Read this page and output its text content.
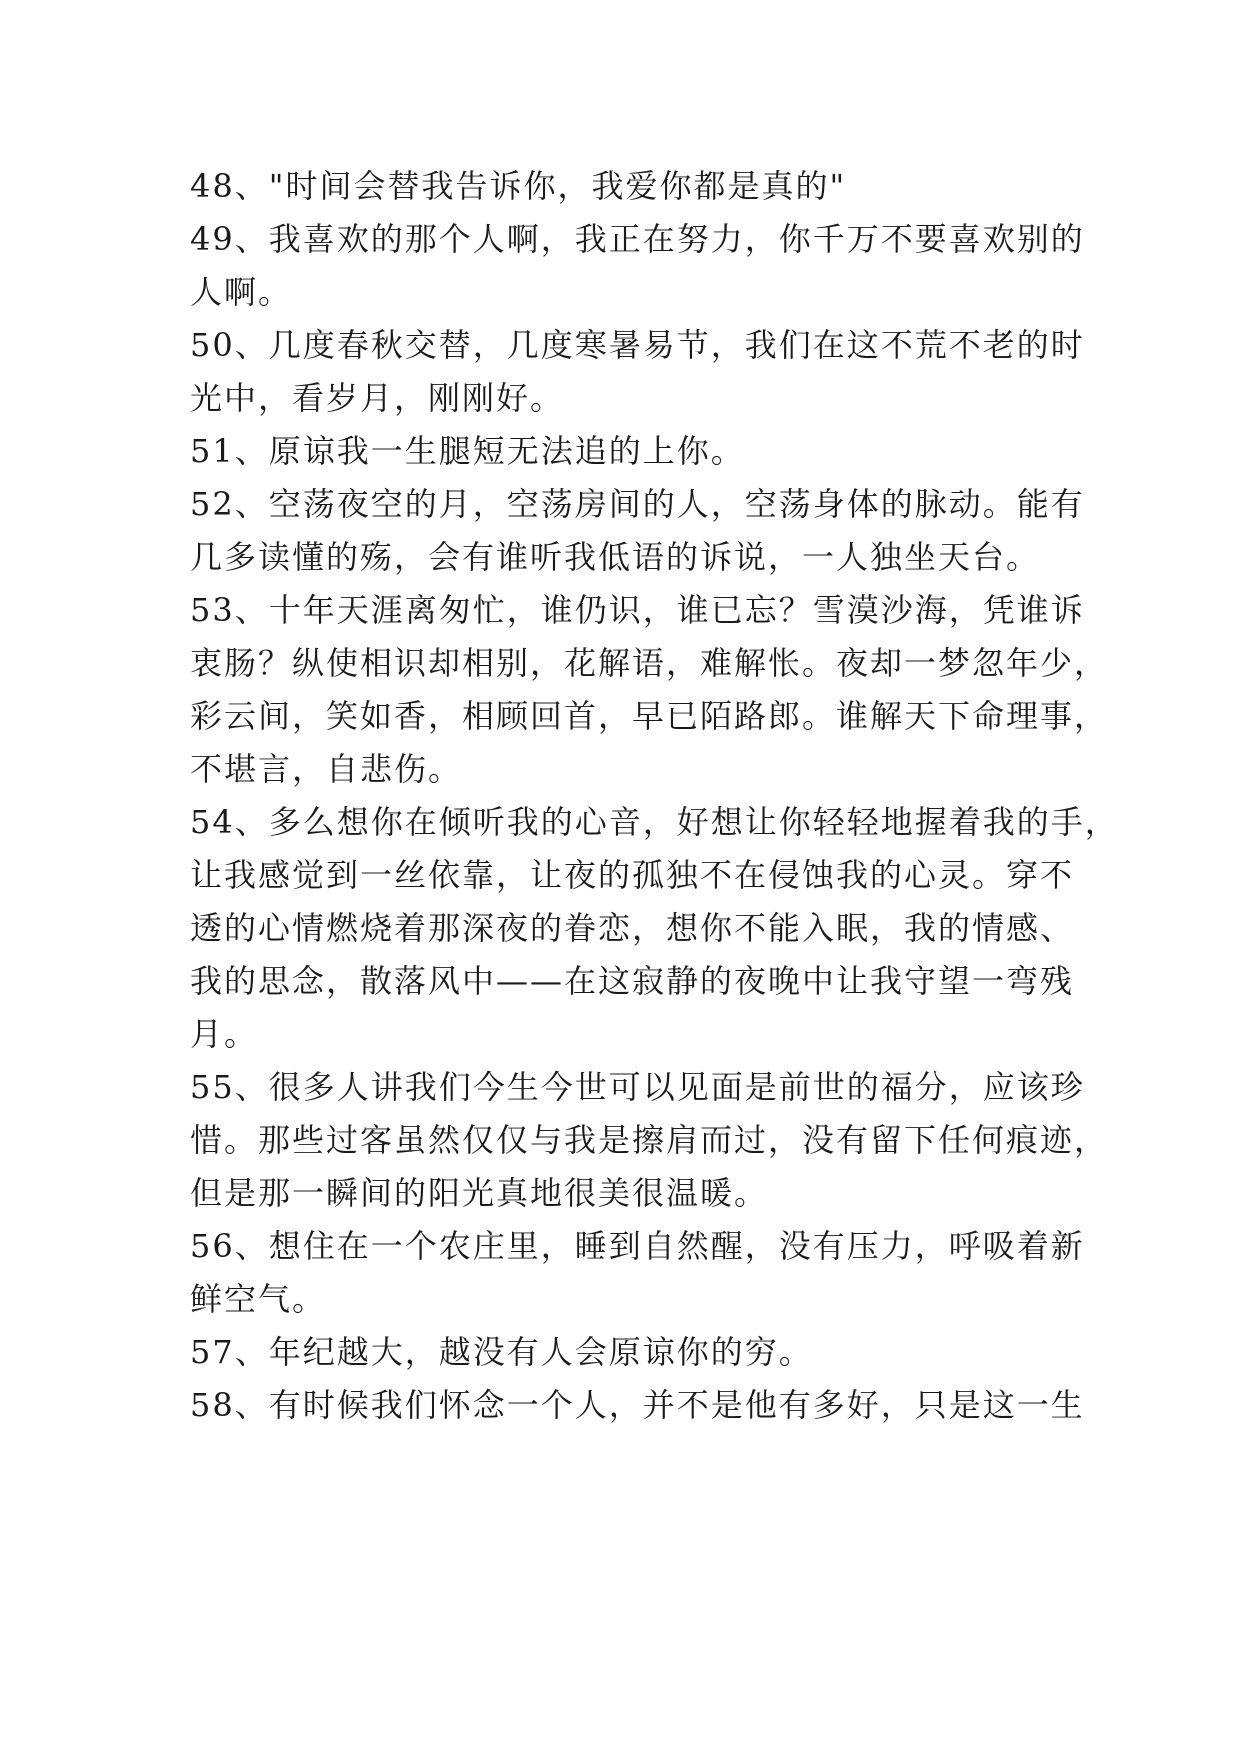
48、"时间会替我告诉你，我爱你都是真的"

49、我喜欢的那个人啊，我正在努力，你千万不要喜欢别的

人啊。

50、几度春秋交替，几度寒暑易节，我们在这不荒不老的时

光中，看岁月，刚刚好。

51、原谅我一生腿短无法追的上你。

52、空荡夜空的月，空荡房间的人，空荡身体的脉动。能有

几多读懂的殇，会有谁听我低语的诉说，一人独坐天台。

53、十年天涯离匆忙，谁仍识，谁已忘？雪漠沙海，凭谁诉

衷肠？纵使相识却相别，花解语，难解怅。夜却一梦忽年少，

彩云间，笑如香，相顾回首，早已陌路郎。谁解天下命理事，

不堪言，自悲伤。

54、多么想你在倾听我的心音，好想让你轻轻地握着我的手，

让我感觉到一丝依靠，让夜的孤独不在侵蚀我的心灵。穿不

透的心情燃烧着那深夜的眷恋，想你不能入眠，我的情感、

我的思念，散落风中——在这寂静的夜晚中让我守望一弯残

月。

55、很多人讲我们今生今世可以见面是前世的福分，应该珍

惜。那些过客虽然仅仅与我是擦肩而过，没有留下任何痕迹，

但是那一瞬间的阳光真地很美很温暖。

56、想住在一个农庄里，睡到自然醒，没有压力，呼吸着新

鲜空气。

57、年纪越大，越没有人会原谅你的穷。

58、有时候我们怀念一个人，并不是他有多好，只是这一生
